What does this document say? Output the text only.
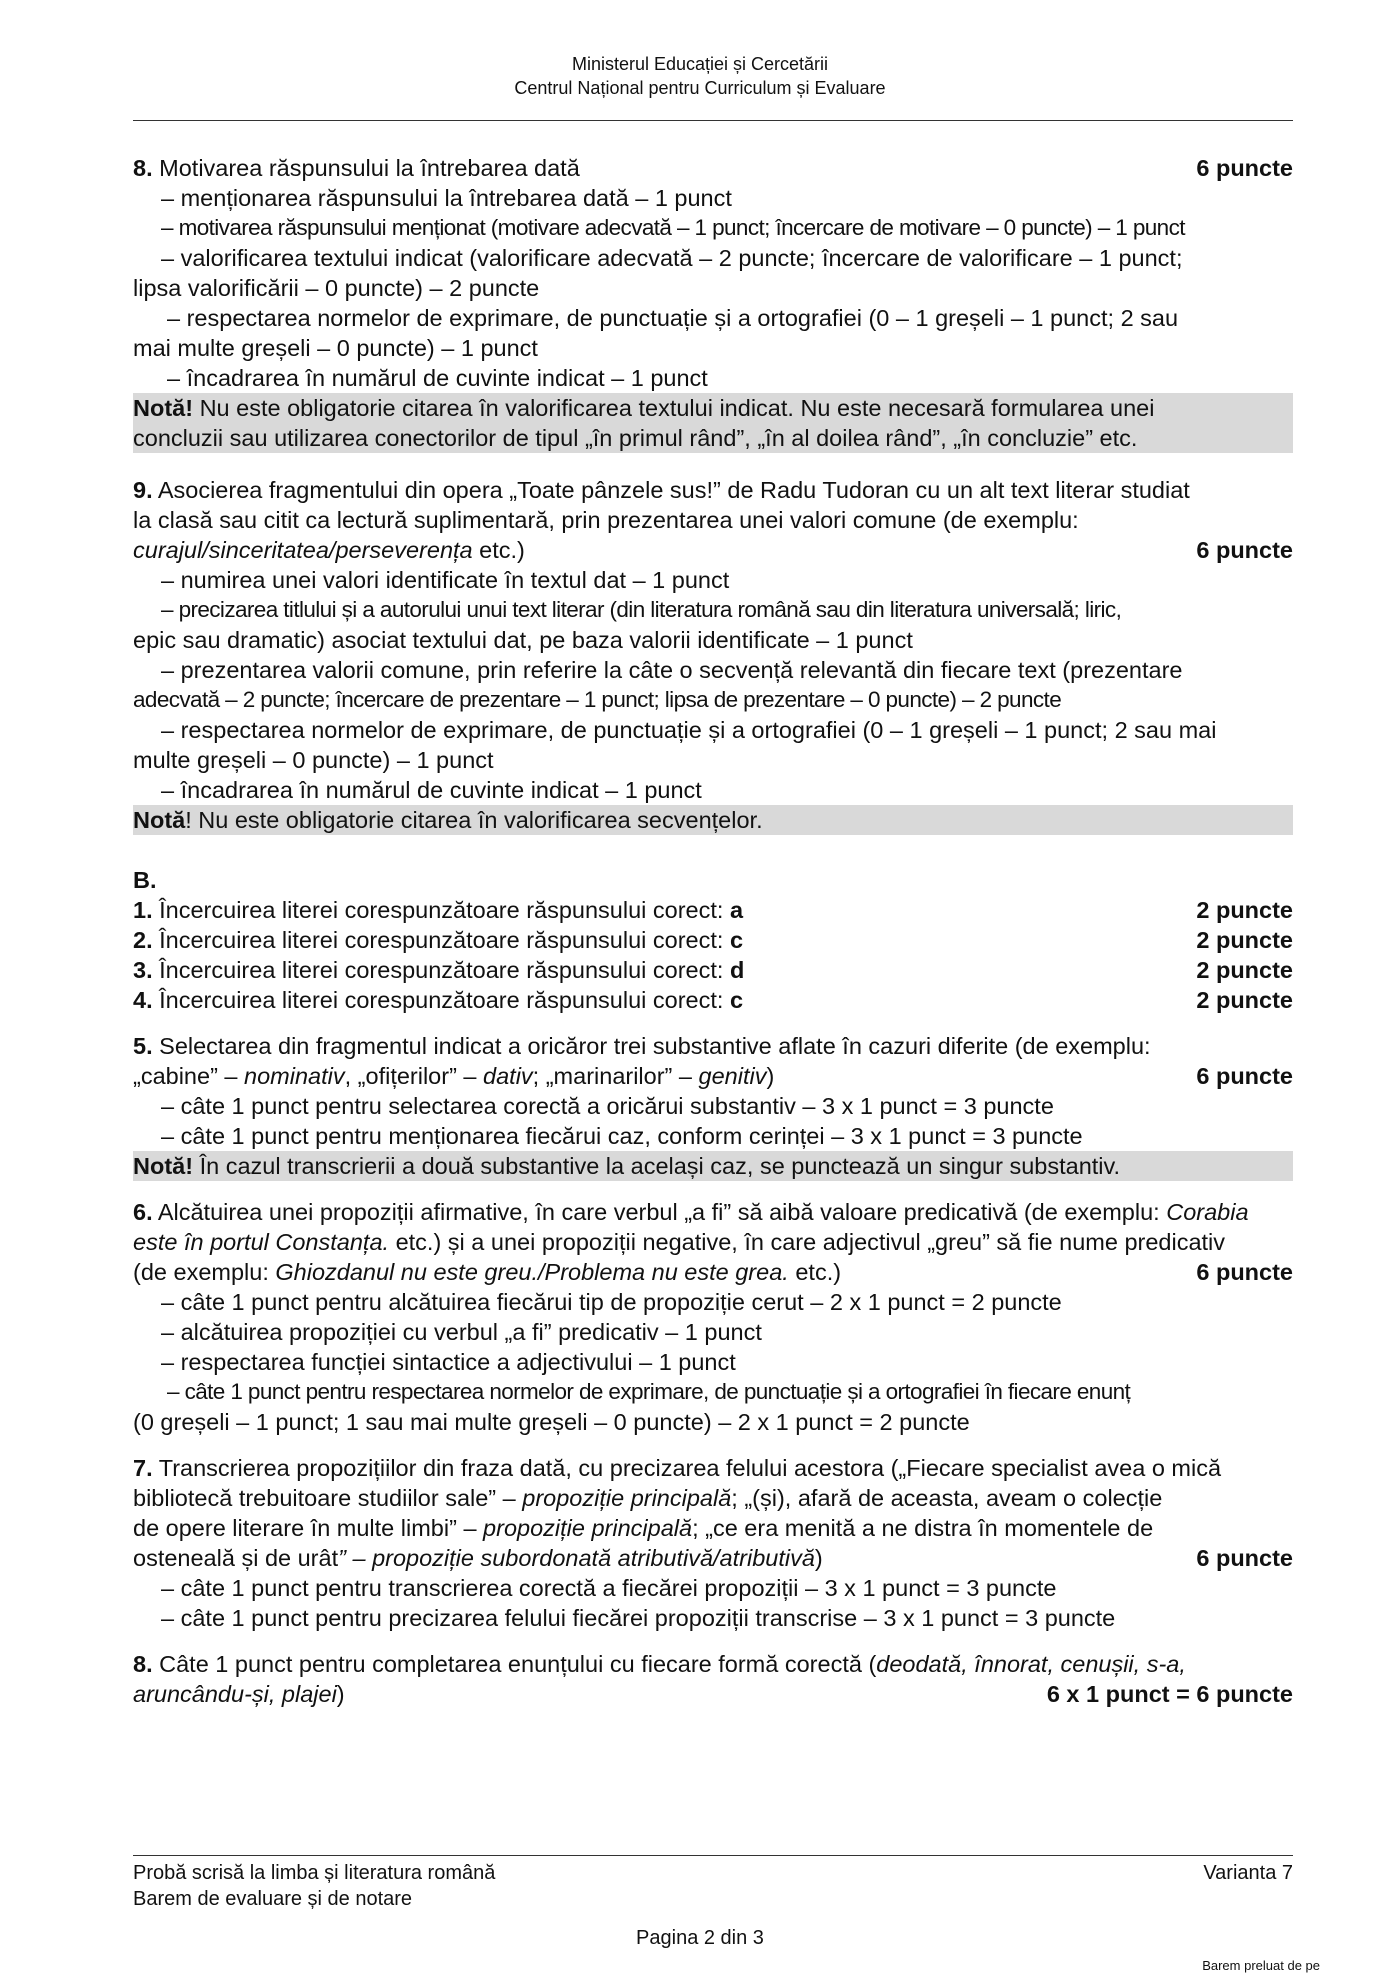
Ministerul Educației și Cercetării
Centrul Național pentru Curriculum și Evaluare
8. Motivarea răspunsului la întrebarea dată	6 puncte
– menționarea răspunsului la întrebarea dată – 1 punct
– motivarea răspunsului menționat (motivare adecvată – 1 punct; încercare de motivare – 0 puncte) – 1 punct
– valorificarea textului indicat (valorificare adecvată – 2 puncte; încercare de valorificare – 1 punct;
lipsa valorificării – 0 puncte) – 2 puncte
– respectarea normelor de exprimare, de punctuație și a ortografiei (0 – 1 greșeli – 1 punct; 2 sau
mai multe greșeli – 0 puncte) – 1 punct
– încadrarea în numărul de cuvinte indicat – 1 punct
Notă! Nu este obligatorie citarea în valorificarea textului indicat. Nu este necesară formularea unei
concluzii sau utilizarea conectorilor de tipul „în primul rând”, „în al doilea rând”, „în concluzie” etc.
9. Asocierea fragmentului din opera „Toate pânzele sus!” de Radu Tudoran cu un alt text literar studiat
la clasă sau citit ca lectură suplimentară, prin prezentarea unei valori comune (de exemplu:
curajul/sinceritatea/perseverența etc.)	6 puncte
– numirea unei valori identificate în textul dat – 1 punct
– precizarea titlului și a autorului unui text literar (din literatura română sau din literatura universală; liric,
epic sau dramatic) asociat textului dat, pe baza valorii identificate – 1 punct
– prezentarea valorii comune, prin referire la câte o secvență relevantă din fiecare text (prezentare
adecvată – 2 puncte; încercare de prezentare – 1 punct; lipsa de prezentare – 0 puncte) – 2 puncte
– respectarea normelor de exprimare, de punctuație și a ortografiei (0 – 1 greșeli – 1 punct; 2 sau mai
multe greșeli – 0 puncte) – 1 punct
– încadrarea în numărul de cuvinte indicat – 1 punct
Notă! Nu este obligatorie citarea în valorificarea secvențelor.
B.
1. Încercuirea literei corespunzătoare răspunsului corect: a	2 puncte
2. Încercuirea literei corespunzătoare răspunsului corect: c	2 puncte
3. Încercuirea literei corespunzătoare răspunsului corect: d	2 puncte
4. Încercuirea literei corespunzătoare răspunsului corect: c	2 puncte
5. Selectarea din fragmentul indicat a oricăror trei substantive aflate în cazuri diferite (de exemplu:
„cabine” – nominativ, „ofițerilor” – dativ; „marinarilor” – genitiv)	6 puncte
– câte 1 punct pentru selectarea corectă a oricărui substantiv – 3 x 1 punct = 3 puncte
– câte 1 punct pentru menționarea fiecărui caz, conform cerinței – 3 x 1 punct = 3 puncte
Notă! În cazul transcrierii a două substantive la același caz, se punctează un singur substantiv.
6. Alcătuirea unei propoziții afirmative, în care verbul „a fi” să aibă valoare predicativă (de exemplu: Corabia
este în portul Constanța. etc.) și a unei propoziții negative, în care adjectivul „greu” să fie nume predicativ
(de exemplu: Ghiozdanul nu este greu./Problema nu este grea. etc.)	6 puncte
– câte 1 punct pentru alcătuirea fiecărui tip de propoziție cerut – 2 x 1 punct = 2 puncte
– alcătuirea propoziției cu verbul „a fi” predicativ – 1 punct
– respectarea funcției sintactice a adjectivului – 1 punct
– câte 1 punct pentru respectarea normelor de exprimare, de punctuație și a ortografiei în fiecare enunț
(0 greșeli – 1 punct; 1 sau mai multe greșeli – 0 puncte) – 2 x 1 punct = 2 puncte
7. Transcrierea propozițiilor din fraza dată, cu precizarea felului acestora („Fiecare specialist avea o mică
bibliotecă trebuitoare studiilor sale” – propoziție principală; „(și), afară de aceasta, aveam o colecție
de opere literare în multe limbi” – propoziție principală; „ce era menită a ne distra în momentele de
osteneală și de urât” – propoziție subordonată atributivă/atributivă)	6 puncte
– câte 1 punct pentru transcrierea corectă a fiecărei propoziții – 3 x 1 punct = 3 puncte
– câte 1 punct pentru precizarea felului fiecărei propoziții transcrise – 3 x 1 punct = 3 puncte
8. Câte 1 punct pentru completarea enunțului cu fiecare formă corectă (deodată, înnorat, cenușii, s-a,
aruncându-și, plajei)	6 x 1 punct = 6 puncte
Probă scrisă la limba și literatura română	Varianta 7
Barem de evaluare și de notare
Pagina 2 din 3
Barem preluat de pe
